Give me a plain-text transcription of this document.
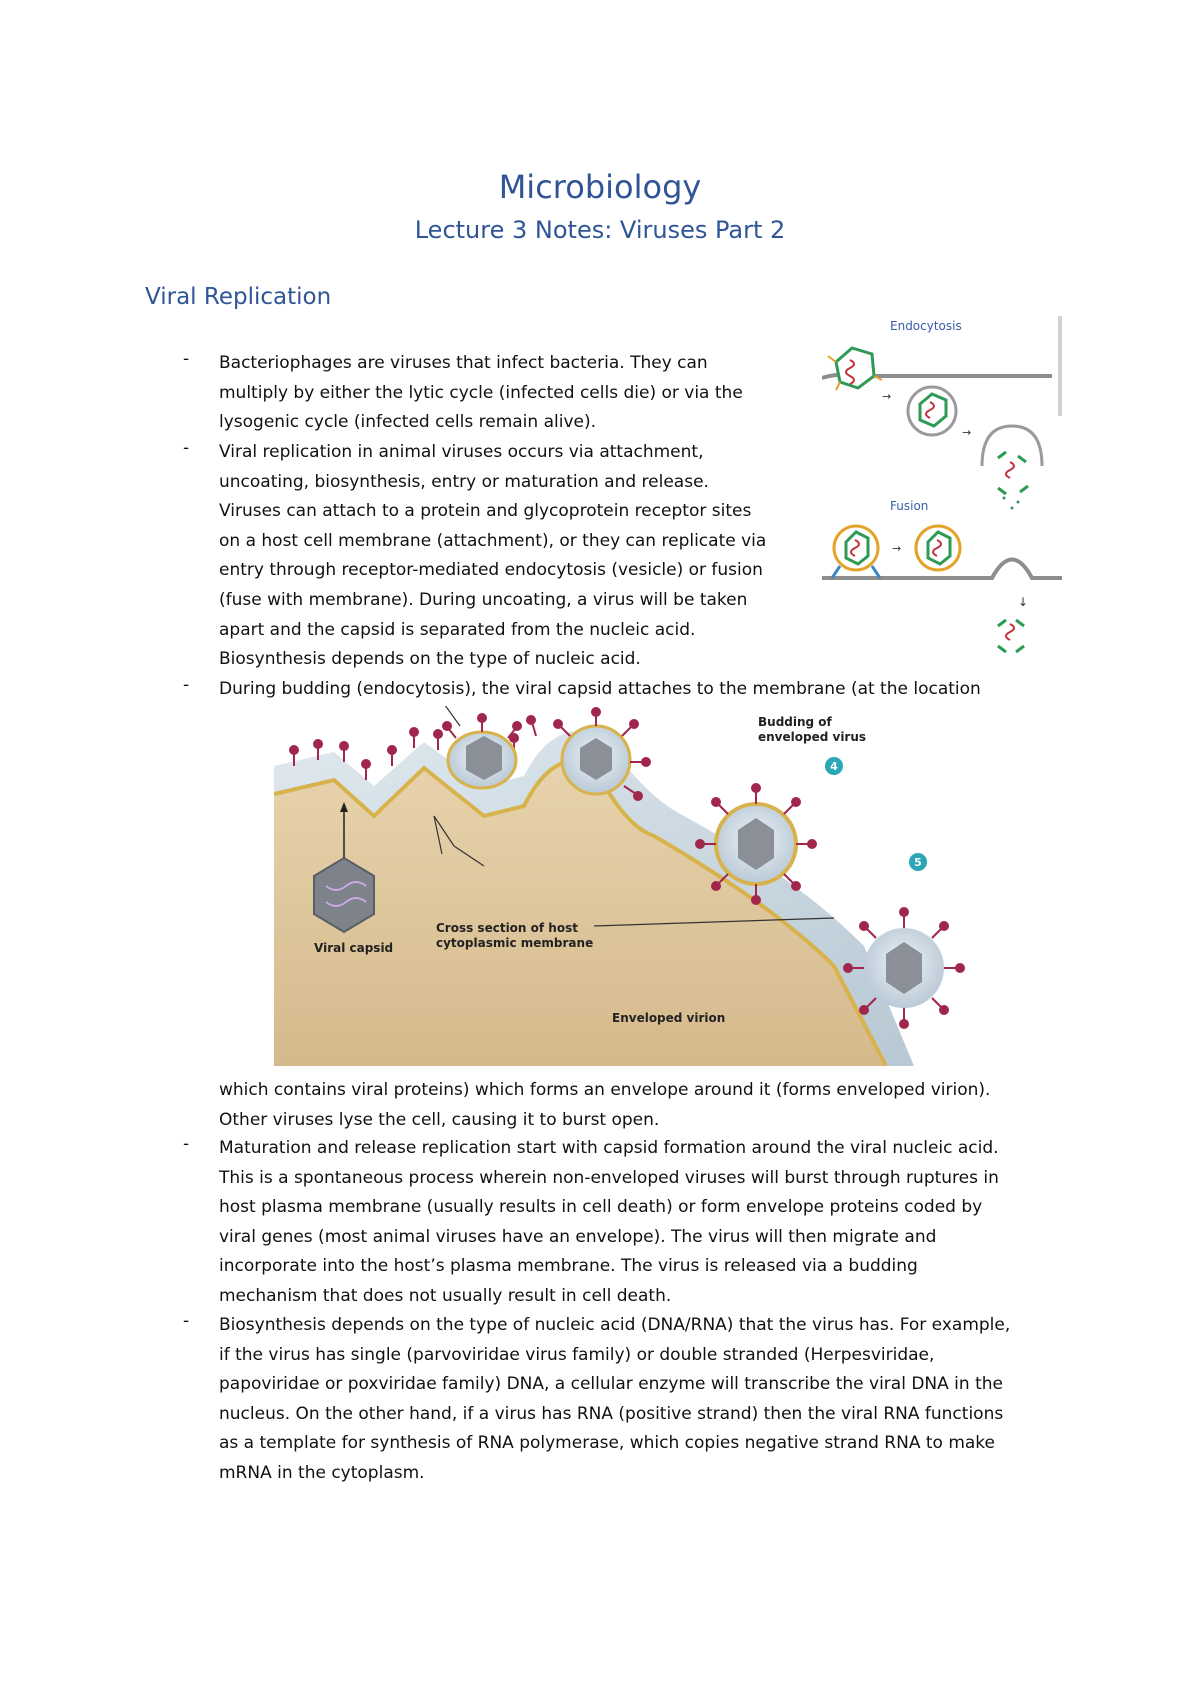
Microbiology
Lecture 3 Notes: Viruses Part 2
Viral Replication
- Bacteriophages are viruses that infect bacteria. They can
multiply by either the lytic cycle (infected cells die) or via the
lysogenic cycle (infected cells remain alive).
- Viral replication in animal viruses occurs via attachment,
uncoating, biosynthesis, entry or maturation and release.
Viruses can attach to a protein and glycoprotein receptor sites
on a host cell membrane (attachment), or they can replicate via
entry through receptor-mediated endocytosis (vesicle) or fusion
(fuse with membrane). During uncoating, a virus will be taken
apart and the capsid is separated from the nucleic acid.
Biosynthesis depends on the type of nucleic acid.
- During budding (endocytosis), the viral capsid attaches to the membrane (at the location
which contains viral proteins) which forms an envelope around it (forms enveloped virion).
Other viruses lyse the cell, causing it to burst open.
- Maturation and release replication start with capsid formation around the viral nucleic acid.
This is a spontaneous process wherein non-enveloped viruses will burst through ruptures in
host plasma membrane (usually results in cell death) or form envelope proteins coded by
viral genes (most animal viruses have an envelope). The virus will then migrate and
incorporate into the host’s plasma membrane. The virus is released via a budding
mechanism that does not usually result in cell death.
- Biosynthesis depends on the type of nucleic acid (DNA/RNA) that the virus has. For example,
if the virus has single (parvoviridae virus family) or double stranded (Herpesviridae,
papoviridae or poxviridae family) DNA, a cellular enzyme will transcribe the viral DNA in the
nucleus. On the other hand, if a virus has RNA (positive strand) then the viral RNA functions
as a template for synthesis of RNA polymerase, which copies negative strand RNA to make
mRNA in the cytoplasm.
Endocytosis
→
→
Fusion
→
↓
4
5
Budding of
enveloped virus
Viral capsid
Cross section of host
cytoplasmic membrane
Enveloped virion
